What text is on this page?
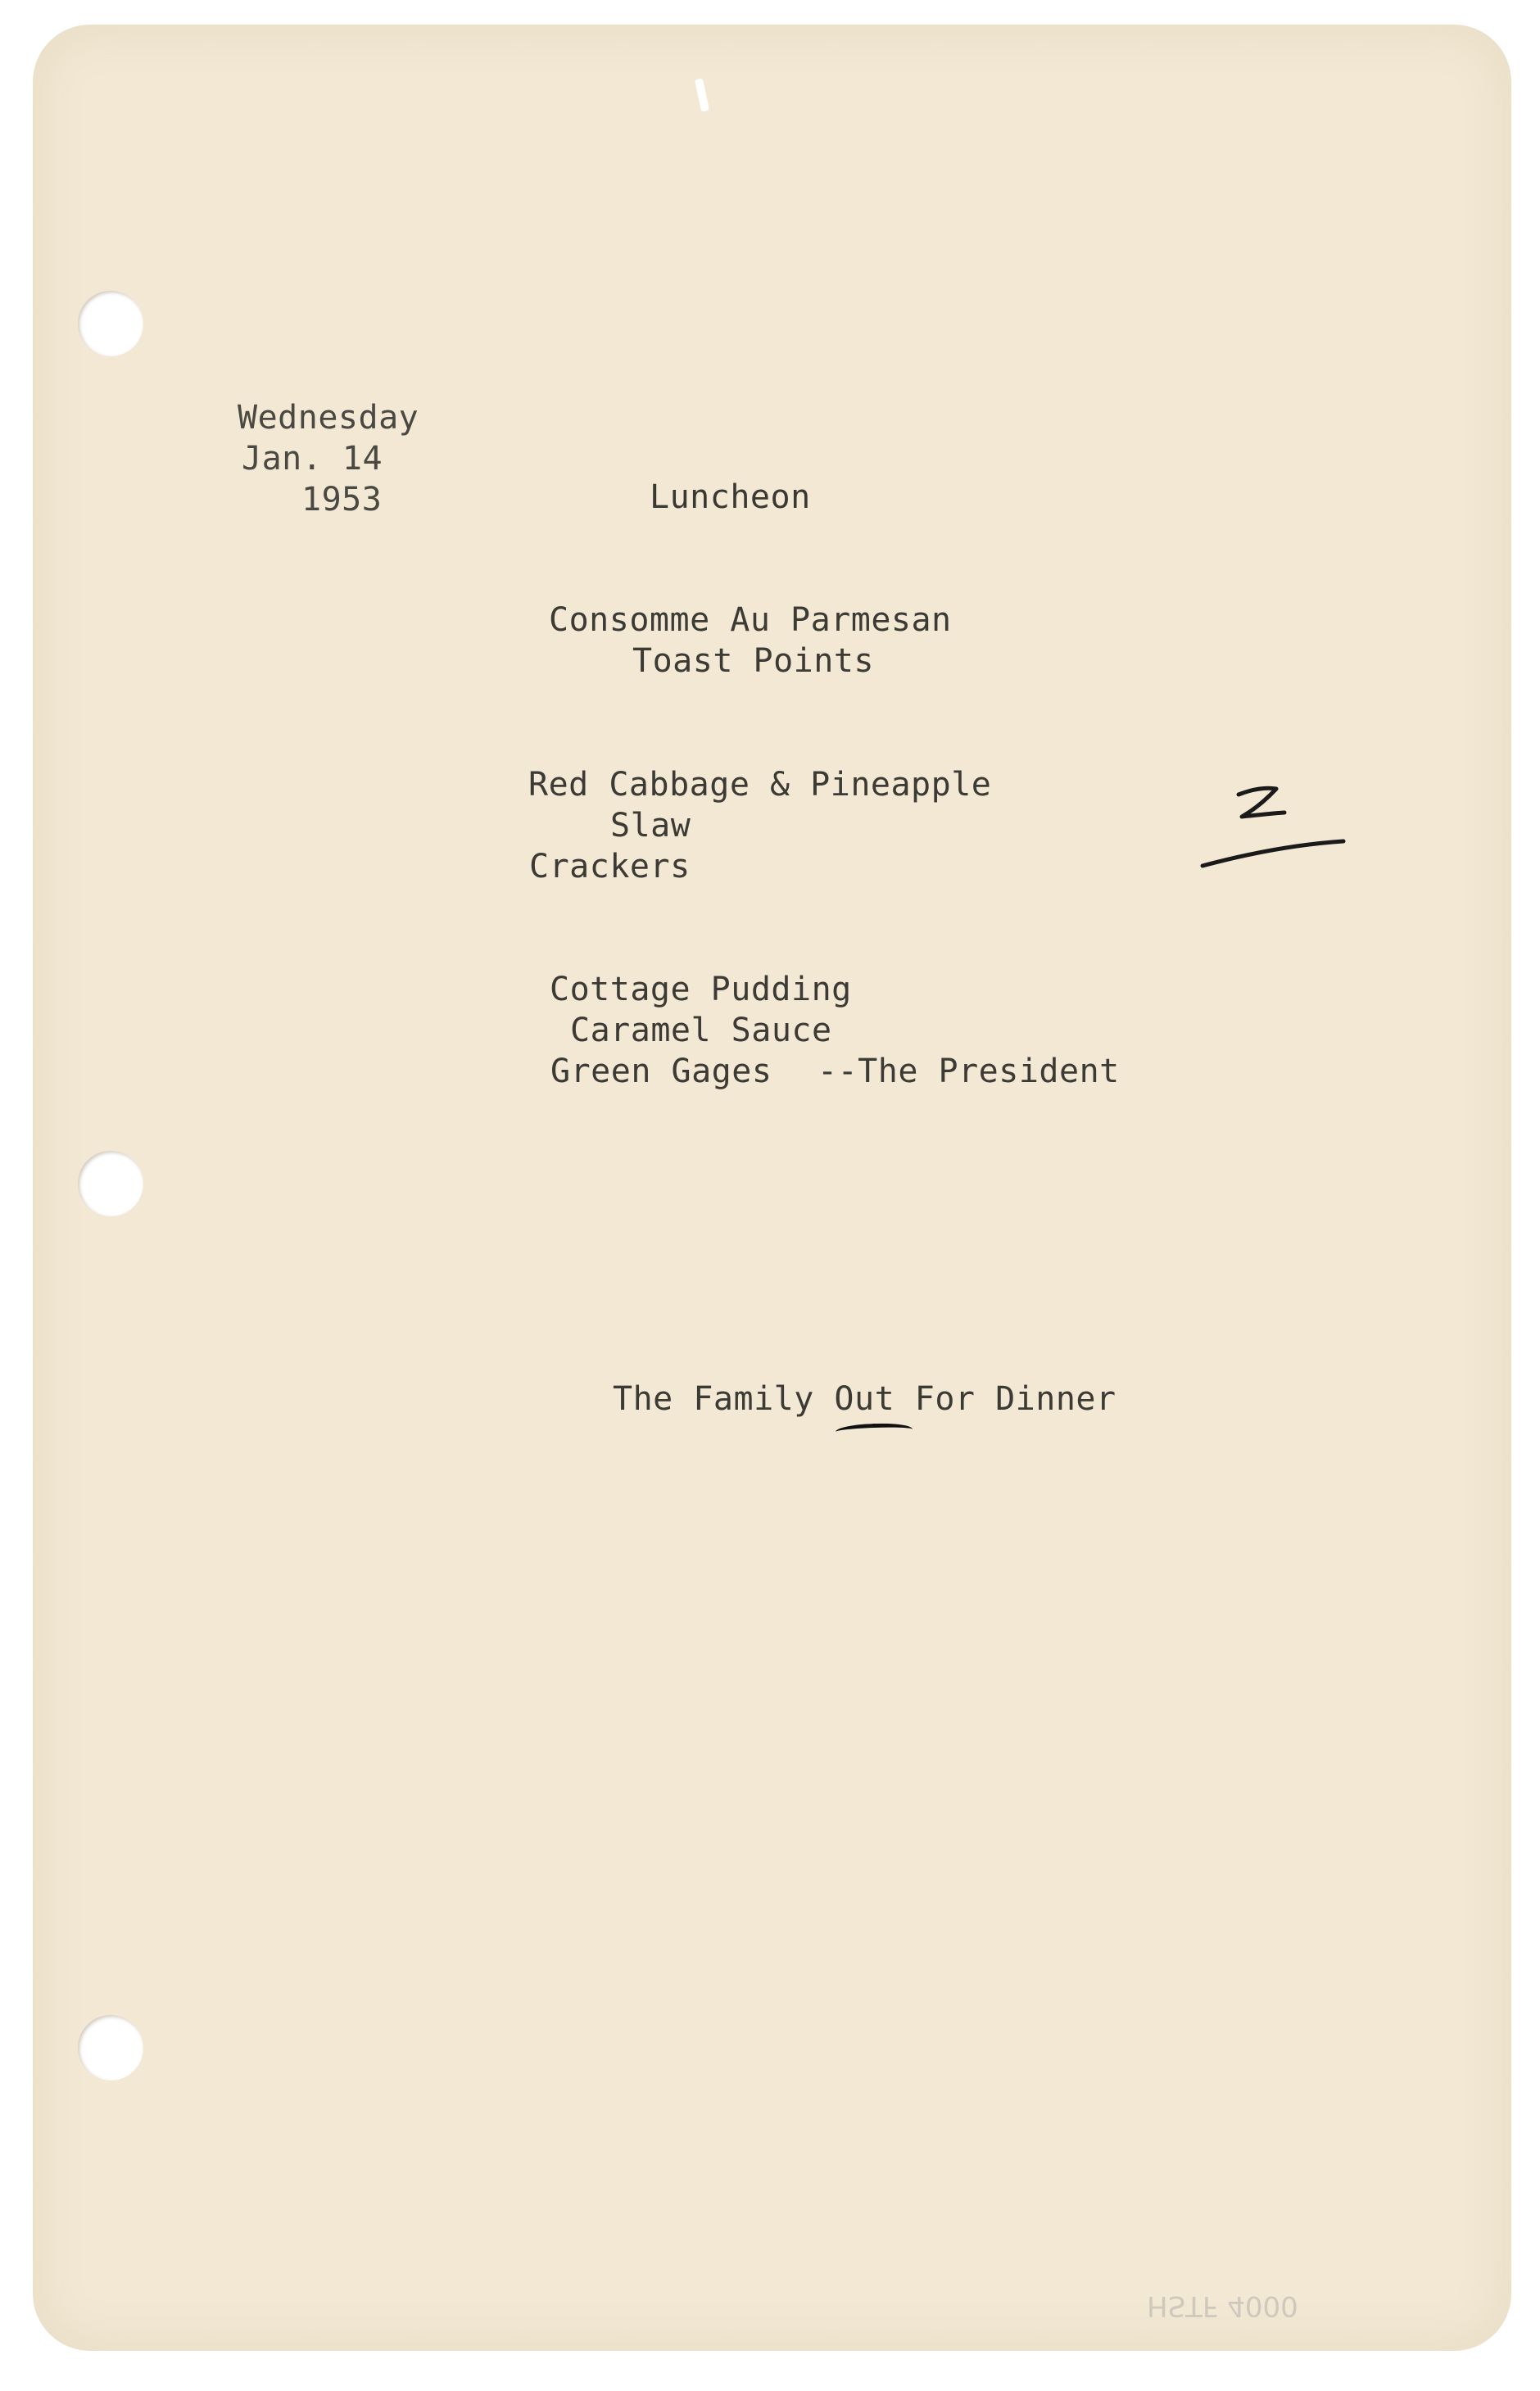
Wednesday
Jan. 14
1953	Luncheon
Consomme Au Parmesan
Toast Points
Red Cabbage & Pineapple
Slaw
Crackers
Cottage Pudding
Caramel Sauce
Green Gages --The President
The Family Out For Dinner
HSTF 4000
